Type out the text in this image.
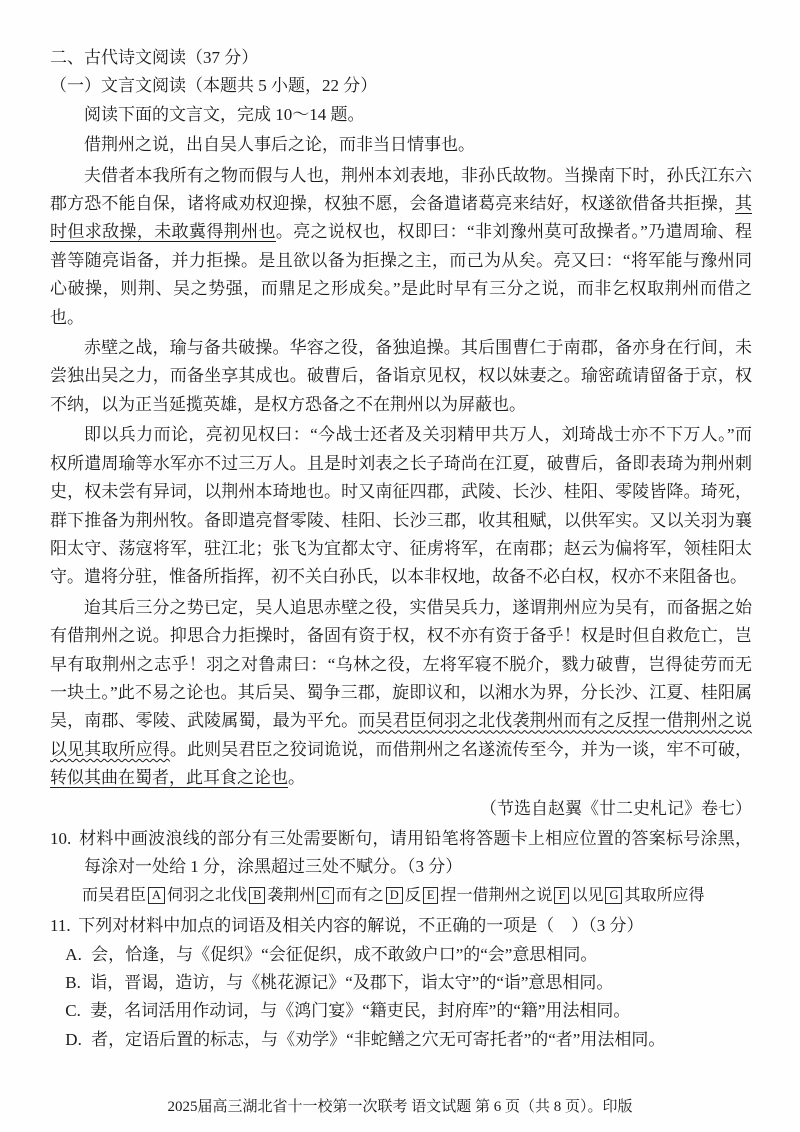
二、古代诗文阅读（37 分）

（一）文言文阅读（本题共 5 小题，22 分）

阅读下面的文言文，完成 10～14 题。

借荆州之说，出自吴人事后之论，而非当日情事也。

夫借者本我所有之物而假与人也，荆州本刘表地，非孙氏故物。当操南下时，孙氏江东六郡方恐不能自保，诸将咸劝权迎操，权独不愿，会备遣诸葛亮来结好，权遂欲借备共拒操，其时但求敌操，未敢冀得荆州也。亮之说权也，权即曰：“非刘豫州莫可敌操者。”乃遣周瑜、程普等随亮诣备，并力拒操。是且欲以备为拒操之主，而己为从矣。亮又曰：“将军能与豫州同心破操，则荆、吴之势强，而鼎足之形成矣。”是此时早有三分之说，而非乞权取荆州而借之也。

赤壁之战，瑜与备共破操。华容之役，备独追操。其后围曹仁于南郡，备亦身在行间，未尝独出吴之力，而备坐享其成也。破曹后，备诣京见权，权以妹妻之。瑜密疏请留备于京，权不纳，以为正当延揽英雄，是权方恐备之不在荆州以为屏蔽也。

即以兵力而论，亮初见权曰：“今战士还者及关羽精甲共万人，刘琦战士亦不下万人。”而权所遣周瑜等水军亦不过三万人。且是时刘表之长子琦尚在江夏，破曹后，备即表琦为荆州刺史，权未尝有异词，以荆州本琦地也。时又南征四郡，武陵、长沙、桂阳、零陵皆降。琦死，群下推备为荆州牧。备即遣亮督零陵、桂阳、长沙三郡，收其租赋，以供军实。又以关羽为襄阳太守、荡寇将军，驻江北；张飞为宜都太守、征虏将军，在南郡；赵云为偏将军，领桂阳太守。遣将分驻，惟备所指挥，初不关白孙氏，以本非权地，故备不必白权，权亦不来阻备也。

迨其后三分之势已定，吴人追思赤壁之役，实借吴兵力，遂谓荆州应为吴有，而备据之始有借荆州之说。抑思合力拒操时，备固有资于权，权不亦有资于备乎！权是时但自救危亡，岂早有取荆州之志乎！羽之对鲁肃曰：“乌林之役，左将军寝不脱介，戮力破曹，岂得徒劳而无一块土。”此不易之论也。其后吴、蜀争三郡，旋即议和，以湘水为界，分长沙、江夏、桂阳属吴，南郡、零陵、武陵属蜀，最为平允。而吴君臣伺羽之北伐袭荆州而有之反捏一借荆州之说以见其取所应得。此则吴君臣之狡词诡说，而借荆州之名遂流传至今，并为一谈，牢不可破，转似其曲在蜀者，此耳食之论也。

（节选自赵翼《廿二史札记》卷七）

10. 材料中画波浪线的部分有三处需要断句，请用铅笔将答题卡上相应位置的答案标号涂黑，每涂对一处给 1 分，涂黑超过三处不赋分。（3 分）

而吴君臣 A 伺羽之北伐 B 袭荆州 C 而有之 D 反 E 捏一借荆州之说 F 以见 G 其取所应得

11. 下列对材料中加点的词语及相关内容的解说，不正确的一项是（　）（3 分）

A. 会，恰逢，与《促织》“会征促织，成不敢敛户口”的“会”意思相同。

B. 诣，晋谒，造访，与《桃花源记》“及郡下，诣太守”的“诣”意思相同。

C. 妻，名词活用作动词，与《鸿门宴》“籍吏民，封府库”的“籍”用法相同。

D. 者，定语后置的标志，与《劝学》“非蛇鳝之穴无可寄托者”的“者”用法相同。

2025届高三湖北省十一校第一次联考 语文试题 第 6 页（共 8 页）。印版
